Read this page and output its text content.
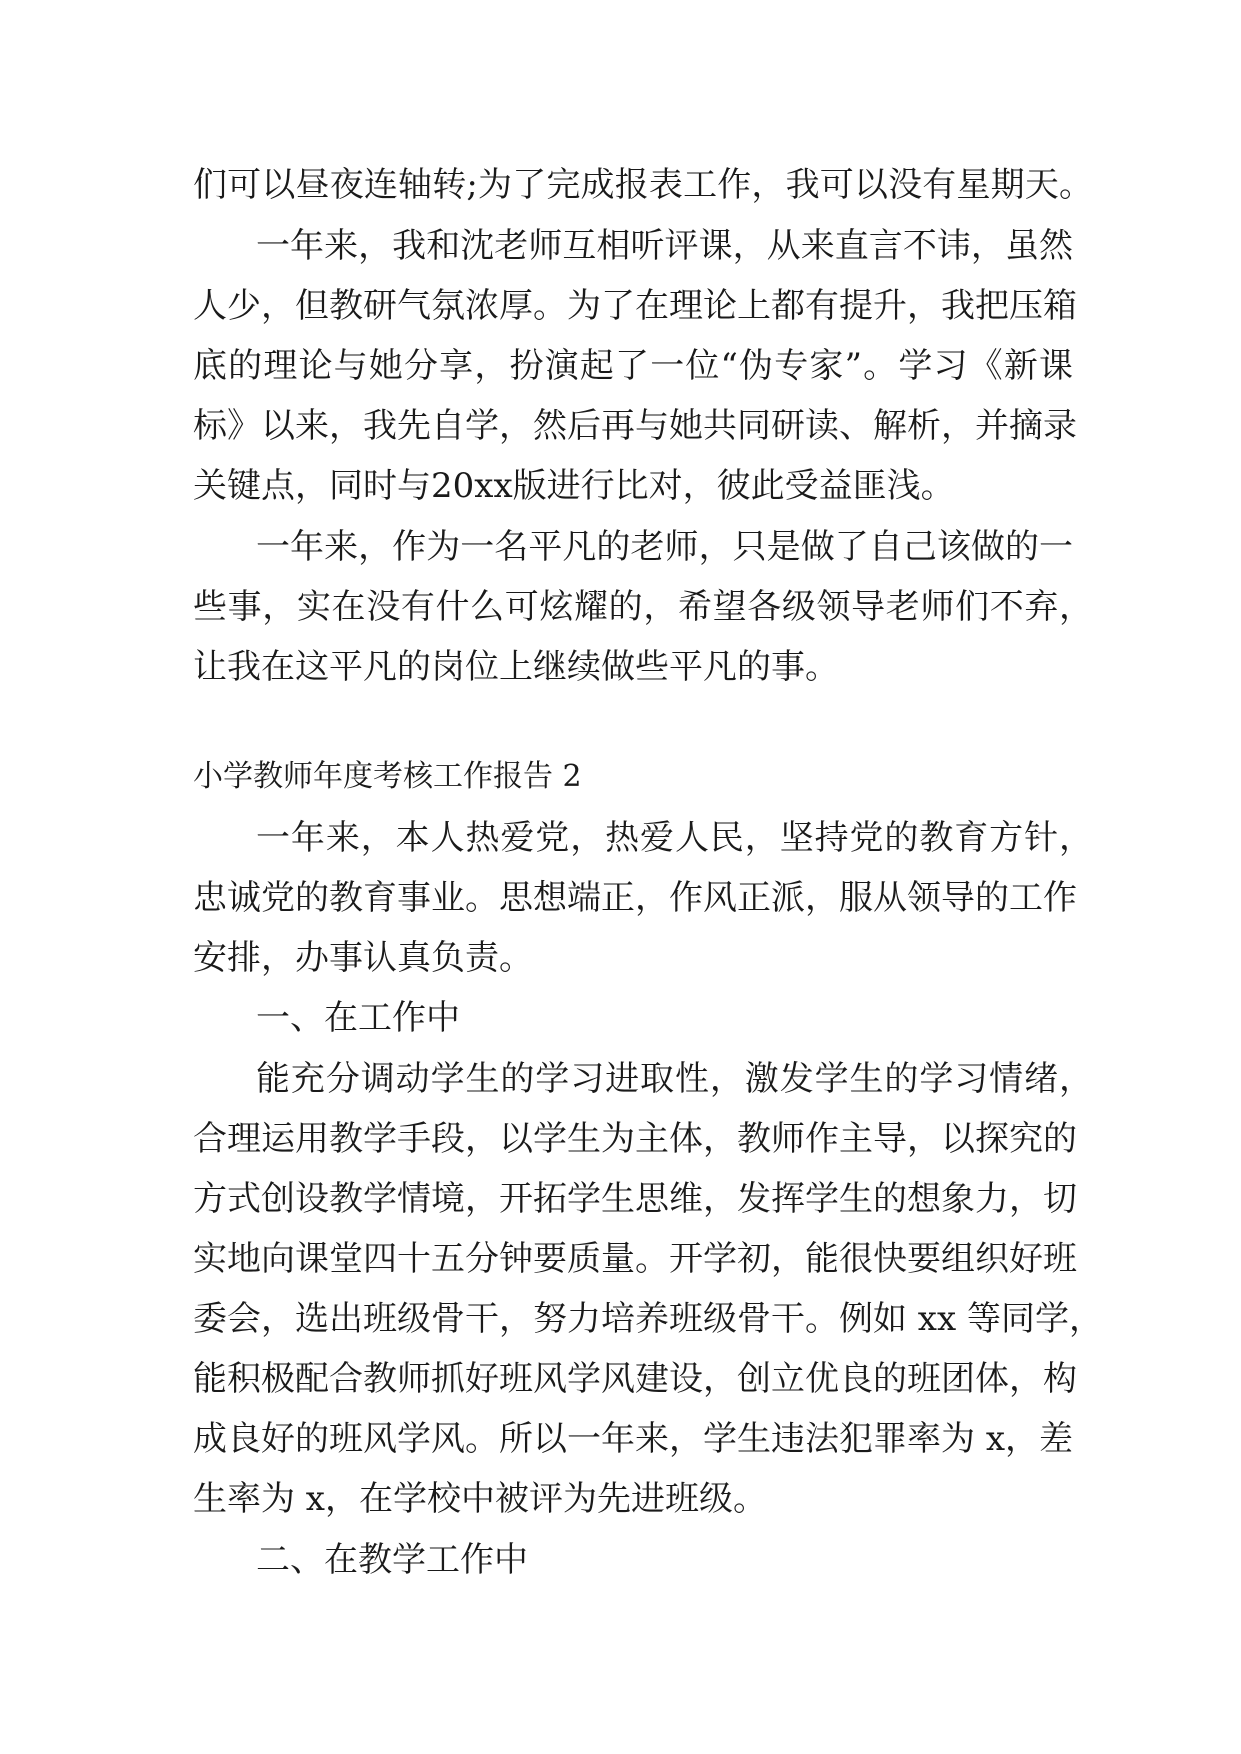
们可以昼夜连轴转;为了完成报表工作，我可以没有星期天。
一年来，我和沈老师互相听评课，从来直言不讳，虽然
人少，但教研气氛浓厚。为了在理论上都有提升，我把压箱
底的理论与她分享，扮演起了一位“伪专家”。学习《新课
标》以来，我先自学，然后再与她共同研读、解析，并摘录
关键点，同时与20xx版进行比对，彼此受益匪浅。
一年来，作为一名平凡的老师，只是做了自己该做的一
些事，实在没有什么可炫耀的，希望各级领导老师们不弃，
让我在这平凡的岗位上继续做些平凡的事。
小学教师年度考核工作报告 2
一年来，本人热爱党，热爱人民，坚持党的教育方针，
忠诚党的教育事业。思想端正，作风正派，服从领导的工作
安排，办事认真负责。
一、在工作中
能充分调动学生的学习进取性，激发学生的学习情绪，
合理运用教学手段，以学生为主体，教师作主导，以探究的
方式创设教学情境，开拓学生思维，发挥学生的想象力，切
实地向课堂四十五分钟要质量。开学初，能很快要组织好班
委会，选出班级骨干，努力培养班级骨干。例如 xx 等同学，
能积极配合教师抓好班风学风建设，创立优良的班团体，构
成良好的班风学风。所以一年来，学生违法犯罪率为 x，差
生率为 x，在学校中被评为先进班级。
二、在教学工作中
